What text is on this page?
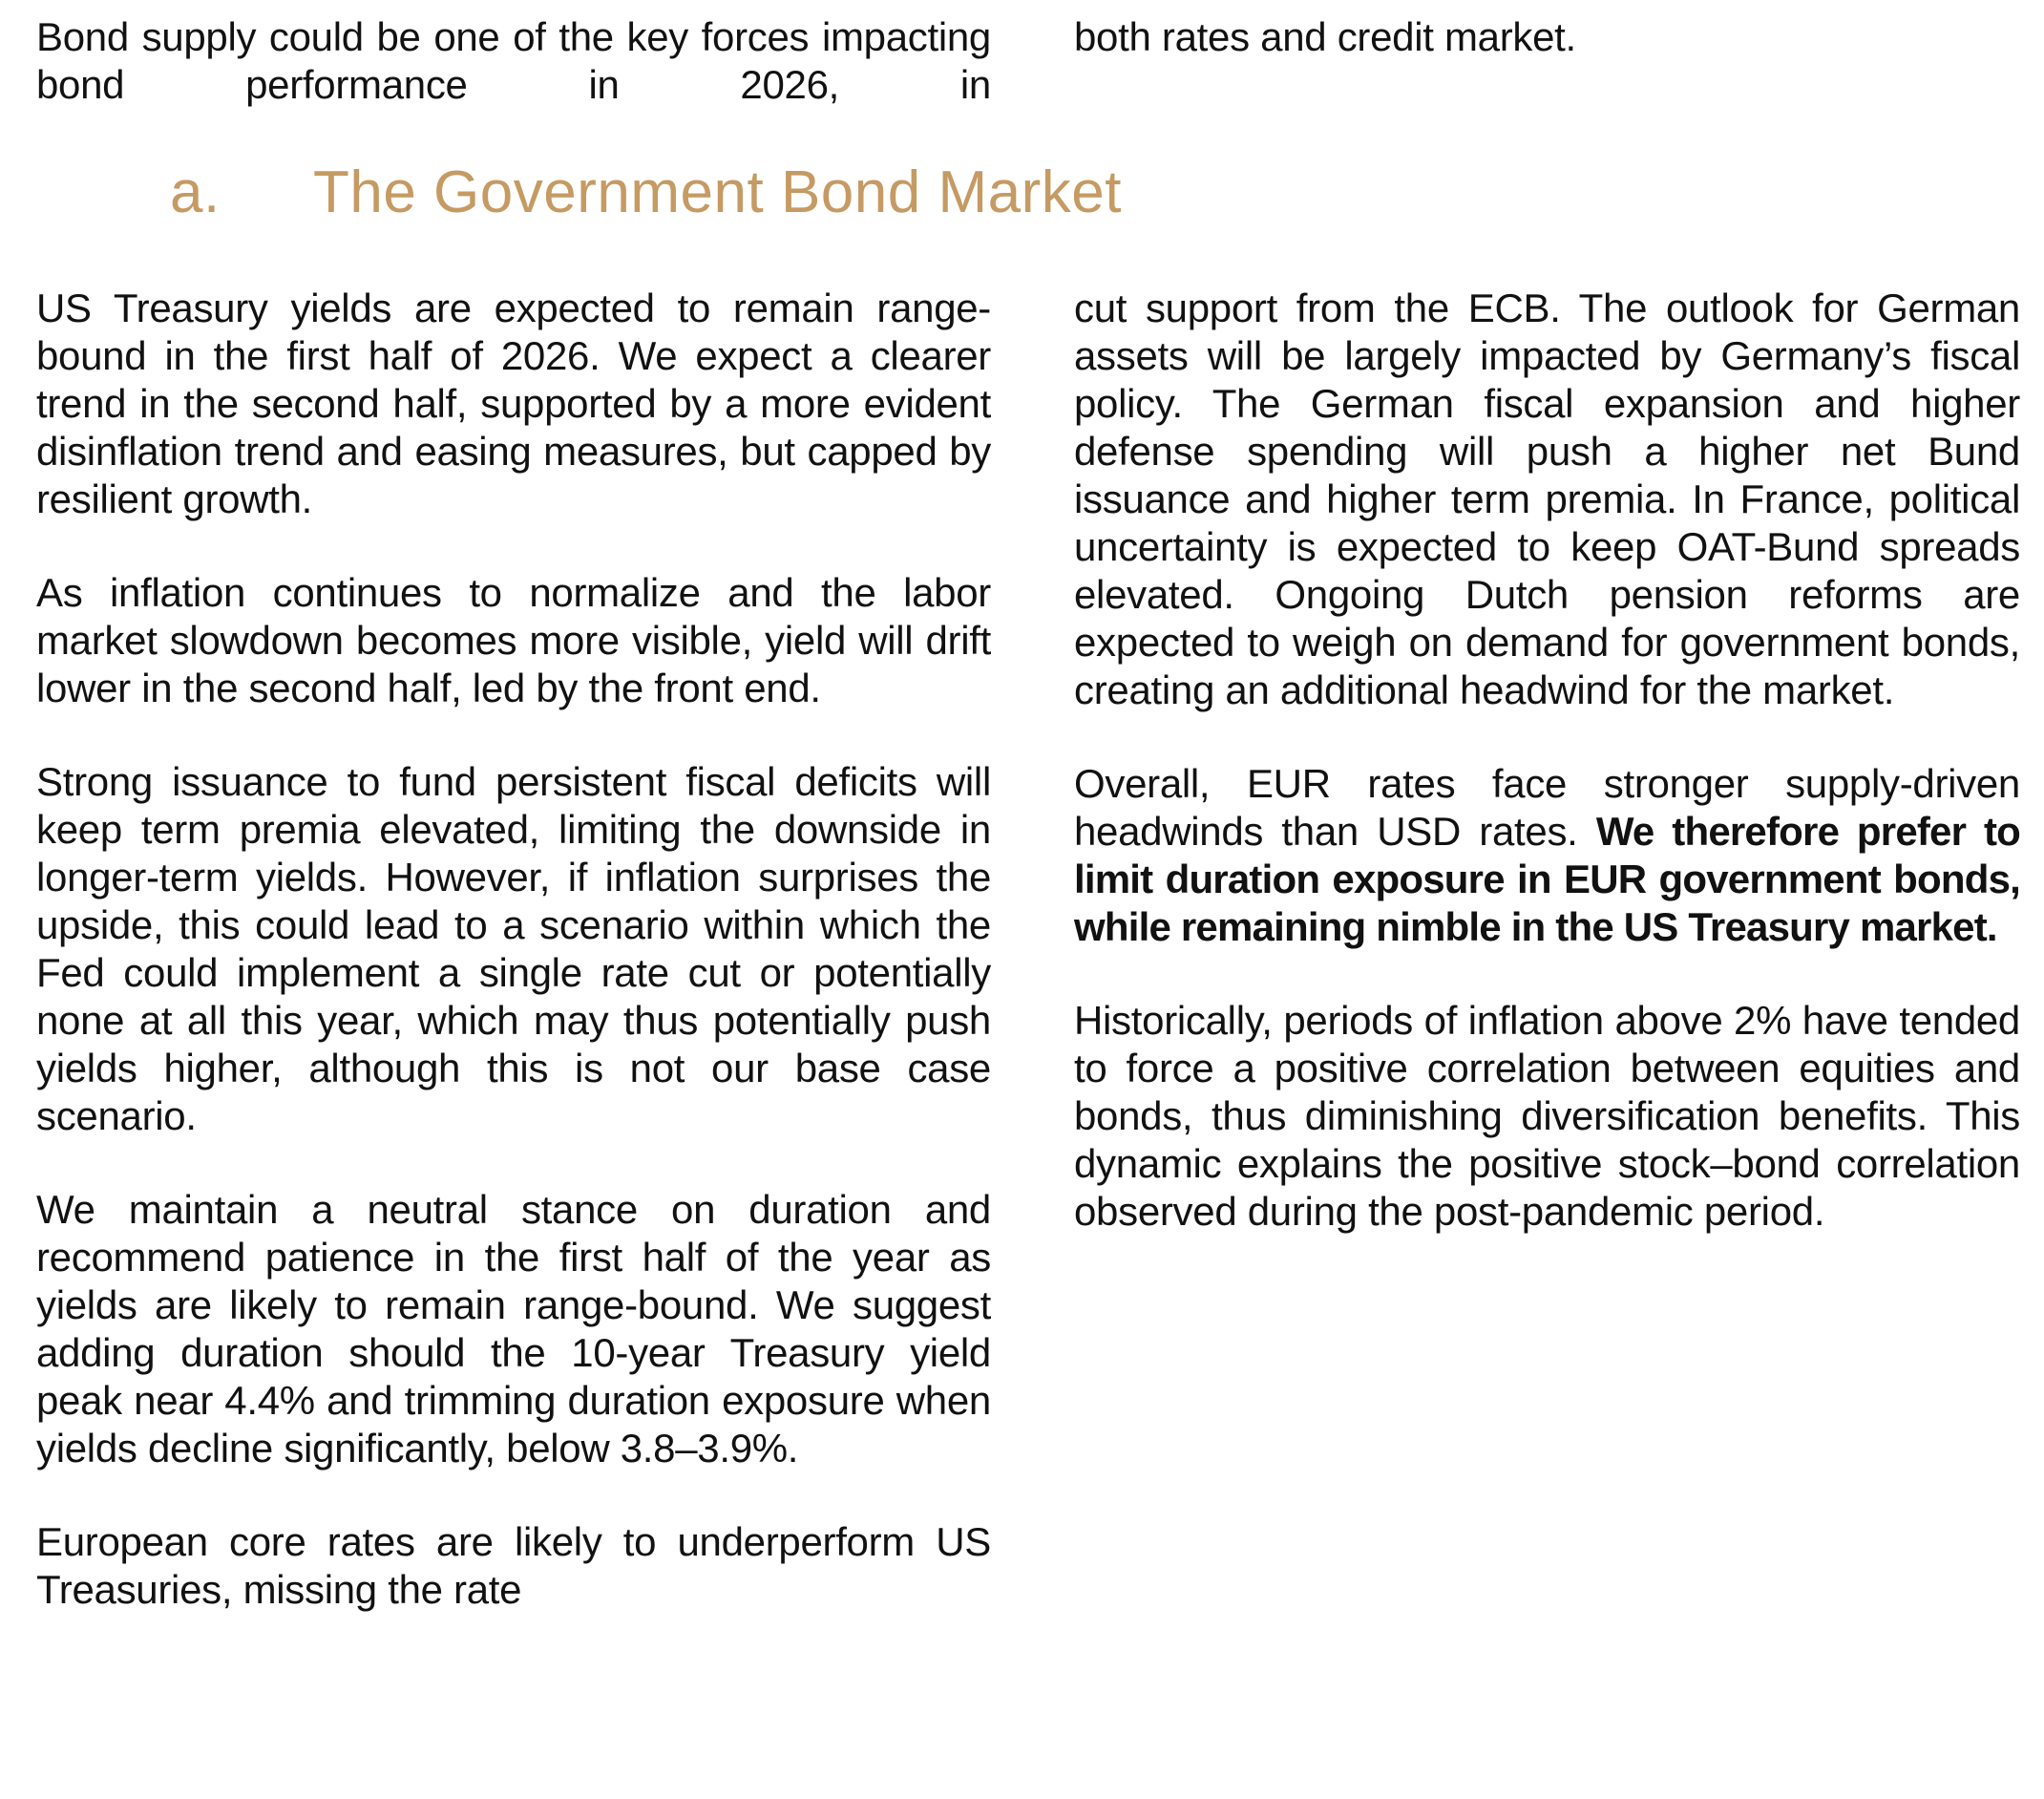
Bond supply could be one of the key forces impacting bond performance in 2026, in
both rates and credit market.
a.	The Government Bond Market

US Treasury yields are expected to remain range-bound in the first half of 2026. We expect a clearer trend in the second half, supported by a more evident disinflation trend and easing measures, but capped by resilient growth.

As inflation continues to normalize and the labor market slowdown becomes more visible, yield will drift lower in the second half, led by the front end.

Strong issuance to fund persistent fiscal deficits will keep term premia elevated, limiting the downside in longer-term yields. However, if inflation surprises the upside, this could lead to a scenario within which the Fed could implement a single rate cut or potentially none at all this year, which may thus potentially push yields higher, although this is not our base case scenario.

We maintain a neutral stance on duration and recommend patience in the first half of the year as yields are likely to remain range-bound. We suggest adding duration should the 10-year Treasury yield peak near 4.4% and trimming duration exposure when yields decline significantly, below 3.8–3.9%.

European core rates are likely to underperform US Treasuries, missing the rate

cut support from the ECB. The outlook for German assets will be largely impacted by Germany’s fiscal policy. The German fiscal expansion and higher defense spending will push a higher net Bund issuance and higher term premia. In France, political uncertainty is expected to keep OAT-Bund spreads elevated. Ongoing Dutch pension reforms are expected to weigh on demand for government bonds, creating an additional headwind for the market.

Overall, EUR rates face stronger supply-driven headwinds than USD rates. We therefore prefer to limit duration exposure in EUR government bonds, while remaining nimble in the US Treasury market.

Historically, periods of inflation above 2% have tended to force a positive correlation between equities and bonds, thus diminishing diversification benefits. This dynamic explains the positive stock–bond correlation observed during the post-pandemic period.
